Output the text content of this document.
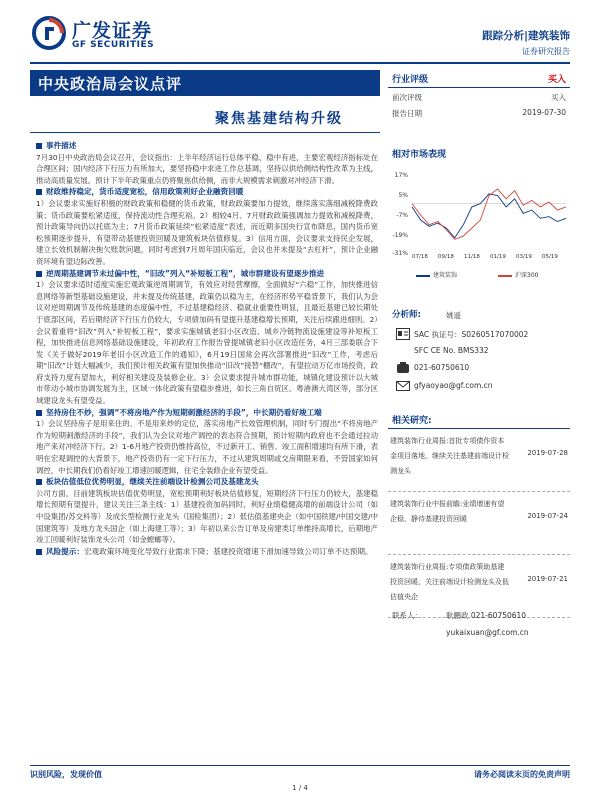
广发证券
GF SECURITIES
跟踪分析|建筑装饰
证券研究报告
中央政治局会议点评
聚焦基建结构升级
行业评级	买入
前次评级	买入
报告日期	2019-07-30
相对市场表现
17%
5%
-7%
-19%
-31% 07/18 09/18 11/18 01/19 03/19 05/19
建筑装饰	沪深300
分析师:	姚遥
SAC 执证号：S0260517070002
SFC CE No. BMS332
021-60750610
gfyaoyao@gf.com.cn
相关研究:
建筑装饰行业周报:首批专项债作资本金项目落地，继续关注基建前端设计检测龙头
2019-07-28
建筑装饰行业中报前瞻:业绩增速有望企稳，静待基建投资回暖	2019-07-24
建筑装饰行业周报:专项债政策助基建投资回暖，关注前端设计检测龙头及低估值央企
2019-07-21
联系人：	耿鹏政 021-60750610
yukaixuan@gf.com.cn
事件描述
7月30日中央政治局会议召开，会议指出：上半年经济运行总体平稳、稳中有进，主要宏观经济指标处在合理区间；国内经济下行压力有所加大，要坚持稳中求进工作总基调，坚持以供给侧结构性改革为主线，推动高质量发展。预计下半年政策重点仍将聚焦供给侧，而非大规模需求刺激对冲经济下滑。
财政维持稳定，货币适度宽松，信用政策利好企业融资回暖
1）会议要求实施好积极的财政政策和稳健的货币政策，财政政策要加力提效，继续落实落细减税降费政策；货币政策要松紧适度，保持流动性合理充裕。2）相较4月、7月财政政策强调加力提效和减税降费，预计政策导向仍以托底为主；7月货币政策延续“松紧适度”表述，而近期多国央行宣布降息，国内货币宽松预期逐步提升，有望带动基建投资回暖及建筑板块估值修复。3）信用方面，会议要求支持民企发展，建立长效机制解决拖欠账款问题，同时考虑到7月周年国庆临近，会议也并未提及“去杠杆”，预计企业融资环境有望边际改善。
逆周期基建调节未过偏中性，“旧改”列入“补短板工程”，城市群建设有望逐步推进
1）会议要求适时适度实施宏观政策逆周期调节，有效应对经营摩擦，全面做好“六稳”工作，加快推进信息网络等新型基础设施建设，并未提及传统基建，政策仍以稳为主，在经济形势平稳背景下，我们认为会议对逆周期调节及传统基建的态度偏中性，不过基建稳经济、稳就业重要性明显，且最近基建已较长期处于底部区间，若后期经济下行压力仍较大，专项债加码有望提升基建稳增长预期，关注后续跟进细则。2）会议着重将“旧改”列入“补短板工程”，要求实施城镇老旧小区改造、城乡冷链物流设施建设等补短板工程，加快推进信息网络基础设施建设，年初政府工作报告曾提城镇老旧小区改造任务，4月三部委联合下发《关于做好2019年老旧小区改造工作的通知》，6月19日国常会再次部署推进“旧改”工作，考虑后期“旧改”计划大幅减少，我们预计相关政策有望加快推动“旧改”接替“棚改”，有望拉动万亿市场投资，政府支持力度有望加大，利好相关建设及装修企业。3）会议要求提升城市群功能，城镇化建设预计以大城市带动小城市协调发展为主，区域一体化政策有望稳步推进，如长三角自贸区、粤港澳大湾区等，部分区域建设龙头有望受益。
坚持房住不炒，强调“不将房地产作为短期刺激经济的手段”，中长期仍看好竣工端
1）会议坚持房子是用来住的、不是用来炒的定位，落实房地产长效管理机制，同时专门提出“不将房地产作为短期刺激经济的手段”，我们认为会议对地产调控的表态符合预期，预计短期内政府也不会通过拉动地产来对冲经济下行。2）1-6月地产投资仍维持高位，不过新开工、销售、竣工面积增速均有所下滑，表明在宏观调控的大背景下，地产投资仍有一定下行压力，不过从建筑周期或交房期限来看，不管国家如何调控，中长期我们仍看好竣工增速回暖逻辑，住宅全装修企业有望受益。
板块估值低位优势明显，继续关注前端设计检测公司及基建龙头
公司方面，目前建筑板块估值优势明显，宽松预期利好板块估值修复，短期经济下行压力仍较大，基建稳增长预期有望提升，建议关注三条主线：1）基建投资加码同时，利好业绩稳健高增的前端设计公司（如中设集团/苏交科等）及成长型检测行业龙头（国检集团）；2）低估值基建央企（如中国铁建/中国交建/中国建筑等）及地方龙头国企（如上海建工等）；3）年初以来公告订单及房建类订单维持高增长，后期地产竣工回暖利好装饰龙头公司（如金螳螂等）。
风险提示：宏观政策环境变化导致行业需求下降；基建投资增速下滑加速导致公司订单不达预期。
识别风险，发现价值	请务必阅读末页的免责声明
1 / 4
